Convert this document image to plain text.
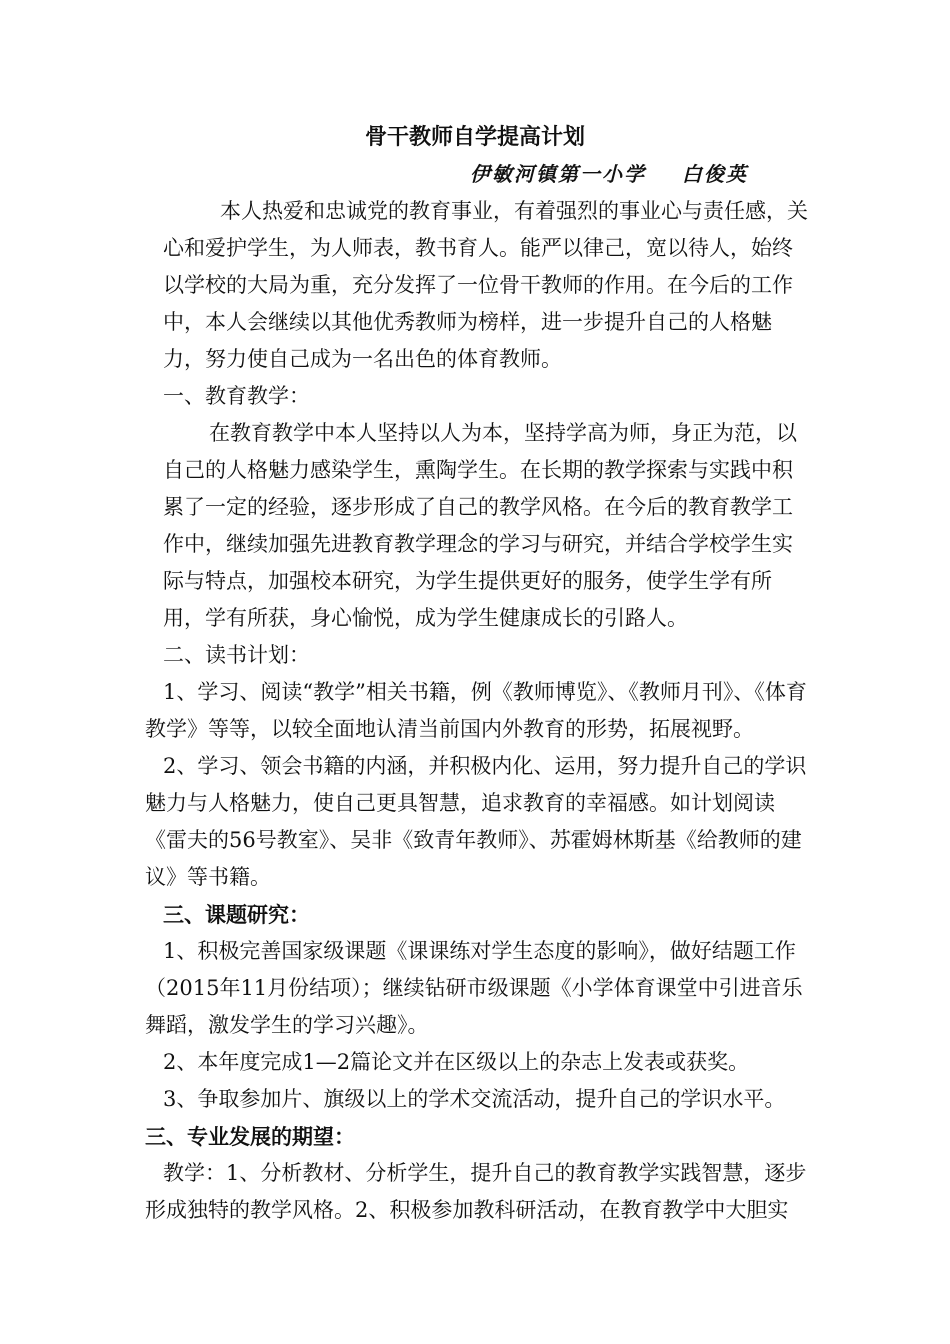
骨干教师自学提高计划
伊敏河镇第一小学    白俊英

本人热爱和忠诚党的教育事业，有着强烈的事业心与责任感，关心和爱护学生，为人师表，教书育人。能严以律己，宽以待人，始终以学校的大局为重，充分发挥了一位骨干教师的作用。在今后的工作中，本人会继续以其他优秀教师为榜样，进一步提升自己的人格魅力，努力使自己成为一名出色的体育教师。

一、教育教学：

在教育教学中本人坚持以人为本，坚持学高为师，身正为范，以自己的人格魅力感染学生，熏陶学生。在长期的教学探索与实践中积累了一定的经验，逐步形成了自己的教学风格。在今后的教育教学工作中，继续加强先进教育教学理念的学习与研究，并结合学校学生实际与特点，加强校本研究，为学生提供更好的服务，使学生学有所用，学有所获，身心愉悦，成为学生健康成长的引路人。

二、读书计划：

1、学习、阅读“教学”相关书籍，例《教师博览》、《教师月刊》、《体育教学》等等，以较全面地认清当前国内外教育的形势，拓展视野。

2、学习、领会书籍的内涵，并积极内化、运用，努力提升自己的学识魅力与人格魅力，使自己更具智慧，追求教育的幸福感。如计划阅读《雷夫的56号教室》、吴非《致青年教师》、苏霍姆林斯基《给教师的建议》等书籍。

三、课题研究：

1、积极完善国家级课题《课课练对学生态度的影响》，做好结题工作（2015年11月份结项）；继续钻研市级课题《小学体育课堂中引进音乐舞蹈，激发学生的学习兴趣》。

2、本年度完成1—2篇论文并在区级以上的杂志上发表或获奖。

3、争取参加片、旗级以上的学术交流活动，提升自己的学识水平。

三、专业发展的期望：

教学：1、分析教材、分析学生，提升自己的教育教学实践智慧，逐步形成独特的教学风格。2、积极参加教科研活动，在教育教学中大胆实
